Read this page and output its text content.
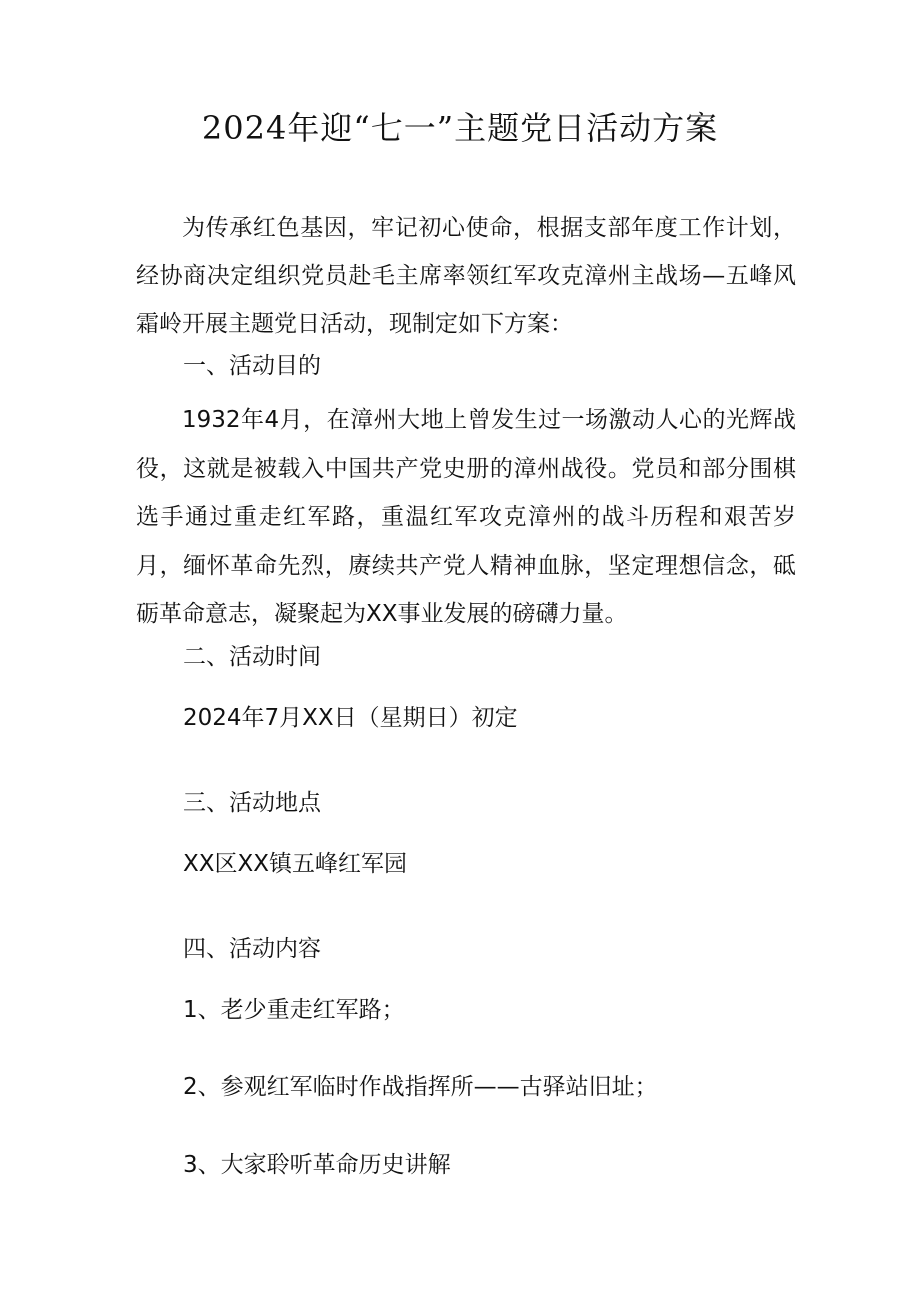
2024年迎“七一”主题党日活动方案
为传承红色基因，牢记初心使命，根据支部年度工作计划，经协商决定组织党员赴毛主席率领红军攻克漳州主战场—五峰风霜岭开展主题党日活动，现制定如下方案：
一、活动目的
1932年4月，在漳州大地上曾发生过一场激动人心的光辉战役，这就是被载入中国共产党史册的漳州战役。党员和部分围棋选手通过重走红军路，重温红军攻克漳州的战斗历程和艰苦岁月，缅怀革命先烈，赓续共产党人精神血脉，坚定理想信念，砥砺革命意志，凝聚起为XX事业发展的磅礴力量。
二、活动时间
2024年7月XX日（星期日）初定
三、活动地点
XX区XX镇五峰红军园
四、活动内容
1、老少重走红军路；
2、参观红军临时作战指挥所——古驿站旧址；
3、大家聆听革命历史讲解
